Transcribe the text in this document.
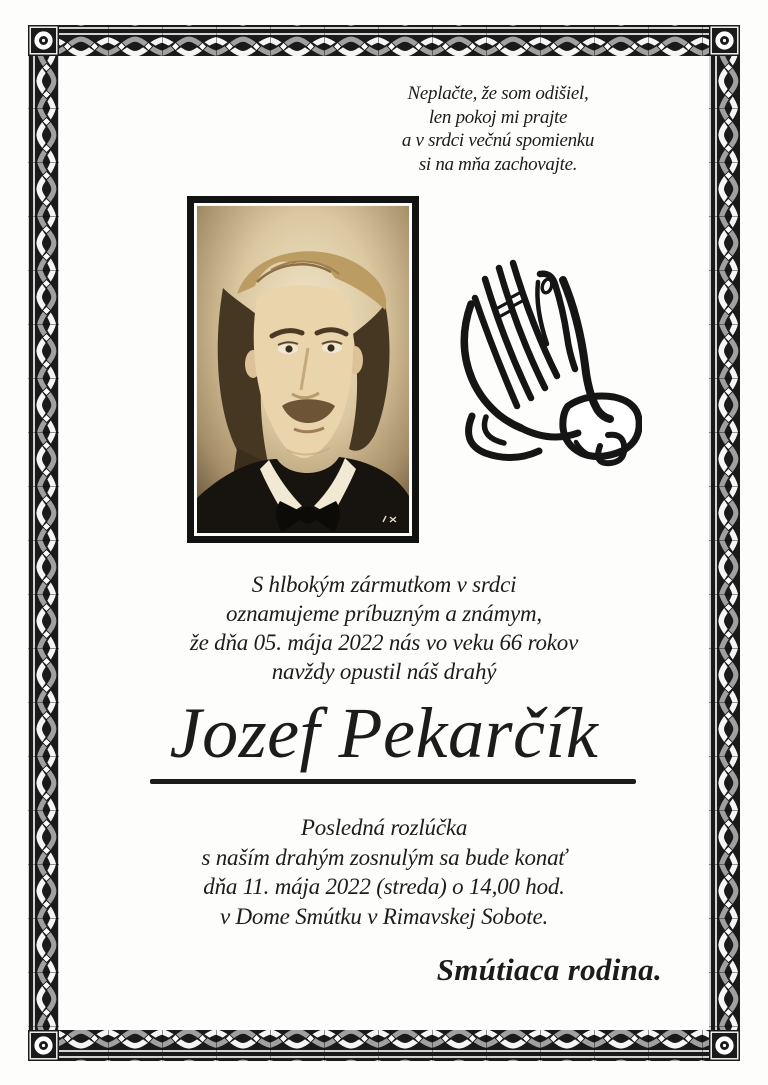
Neplačte, že som odišiel,
len pokoj mi prajte
a v srdci večnú spomienku
si na mňa zachovajte.
S hlbokým zármutkom v srdci
oznamujeme príbuzným a známym,
že dňa 05. mája 2022 nás vo veku 66 rokov
navždy opustil náš drahý
Jozef Pekarčík
Posledná rozlúčka
s naším drahým zosnulým sa bude konať
dňa 11. mája 2022 (streda) o 14,00 hod.
v Dome Smútku v Rimavskej Sobote.
Smútiaca rodina.
